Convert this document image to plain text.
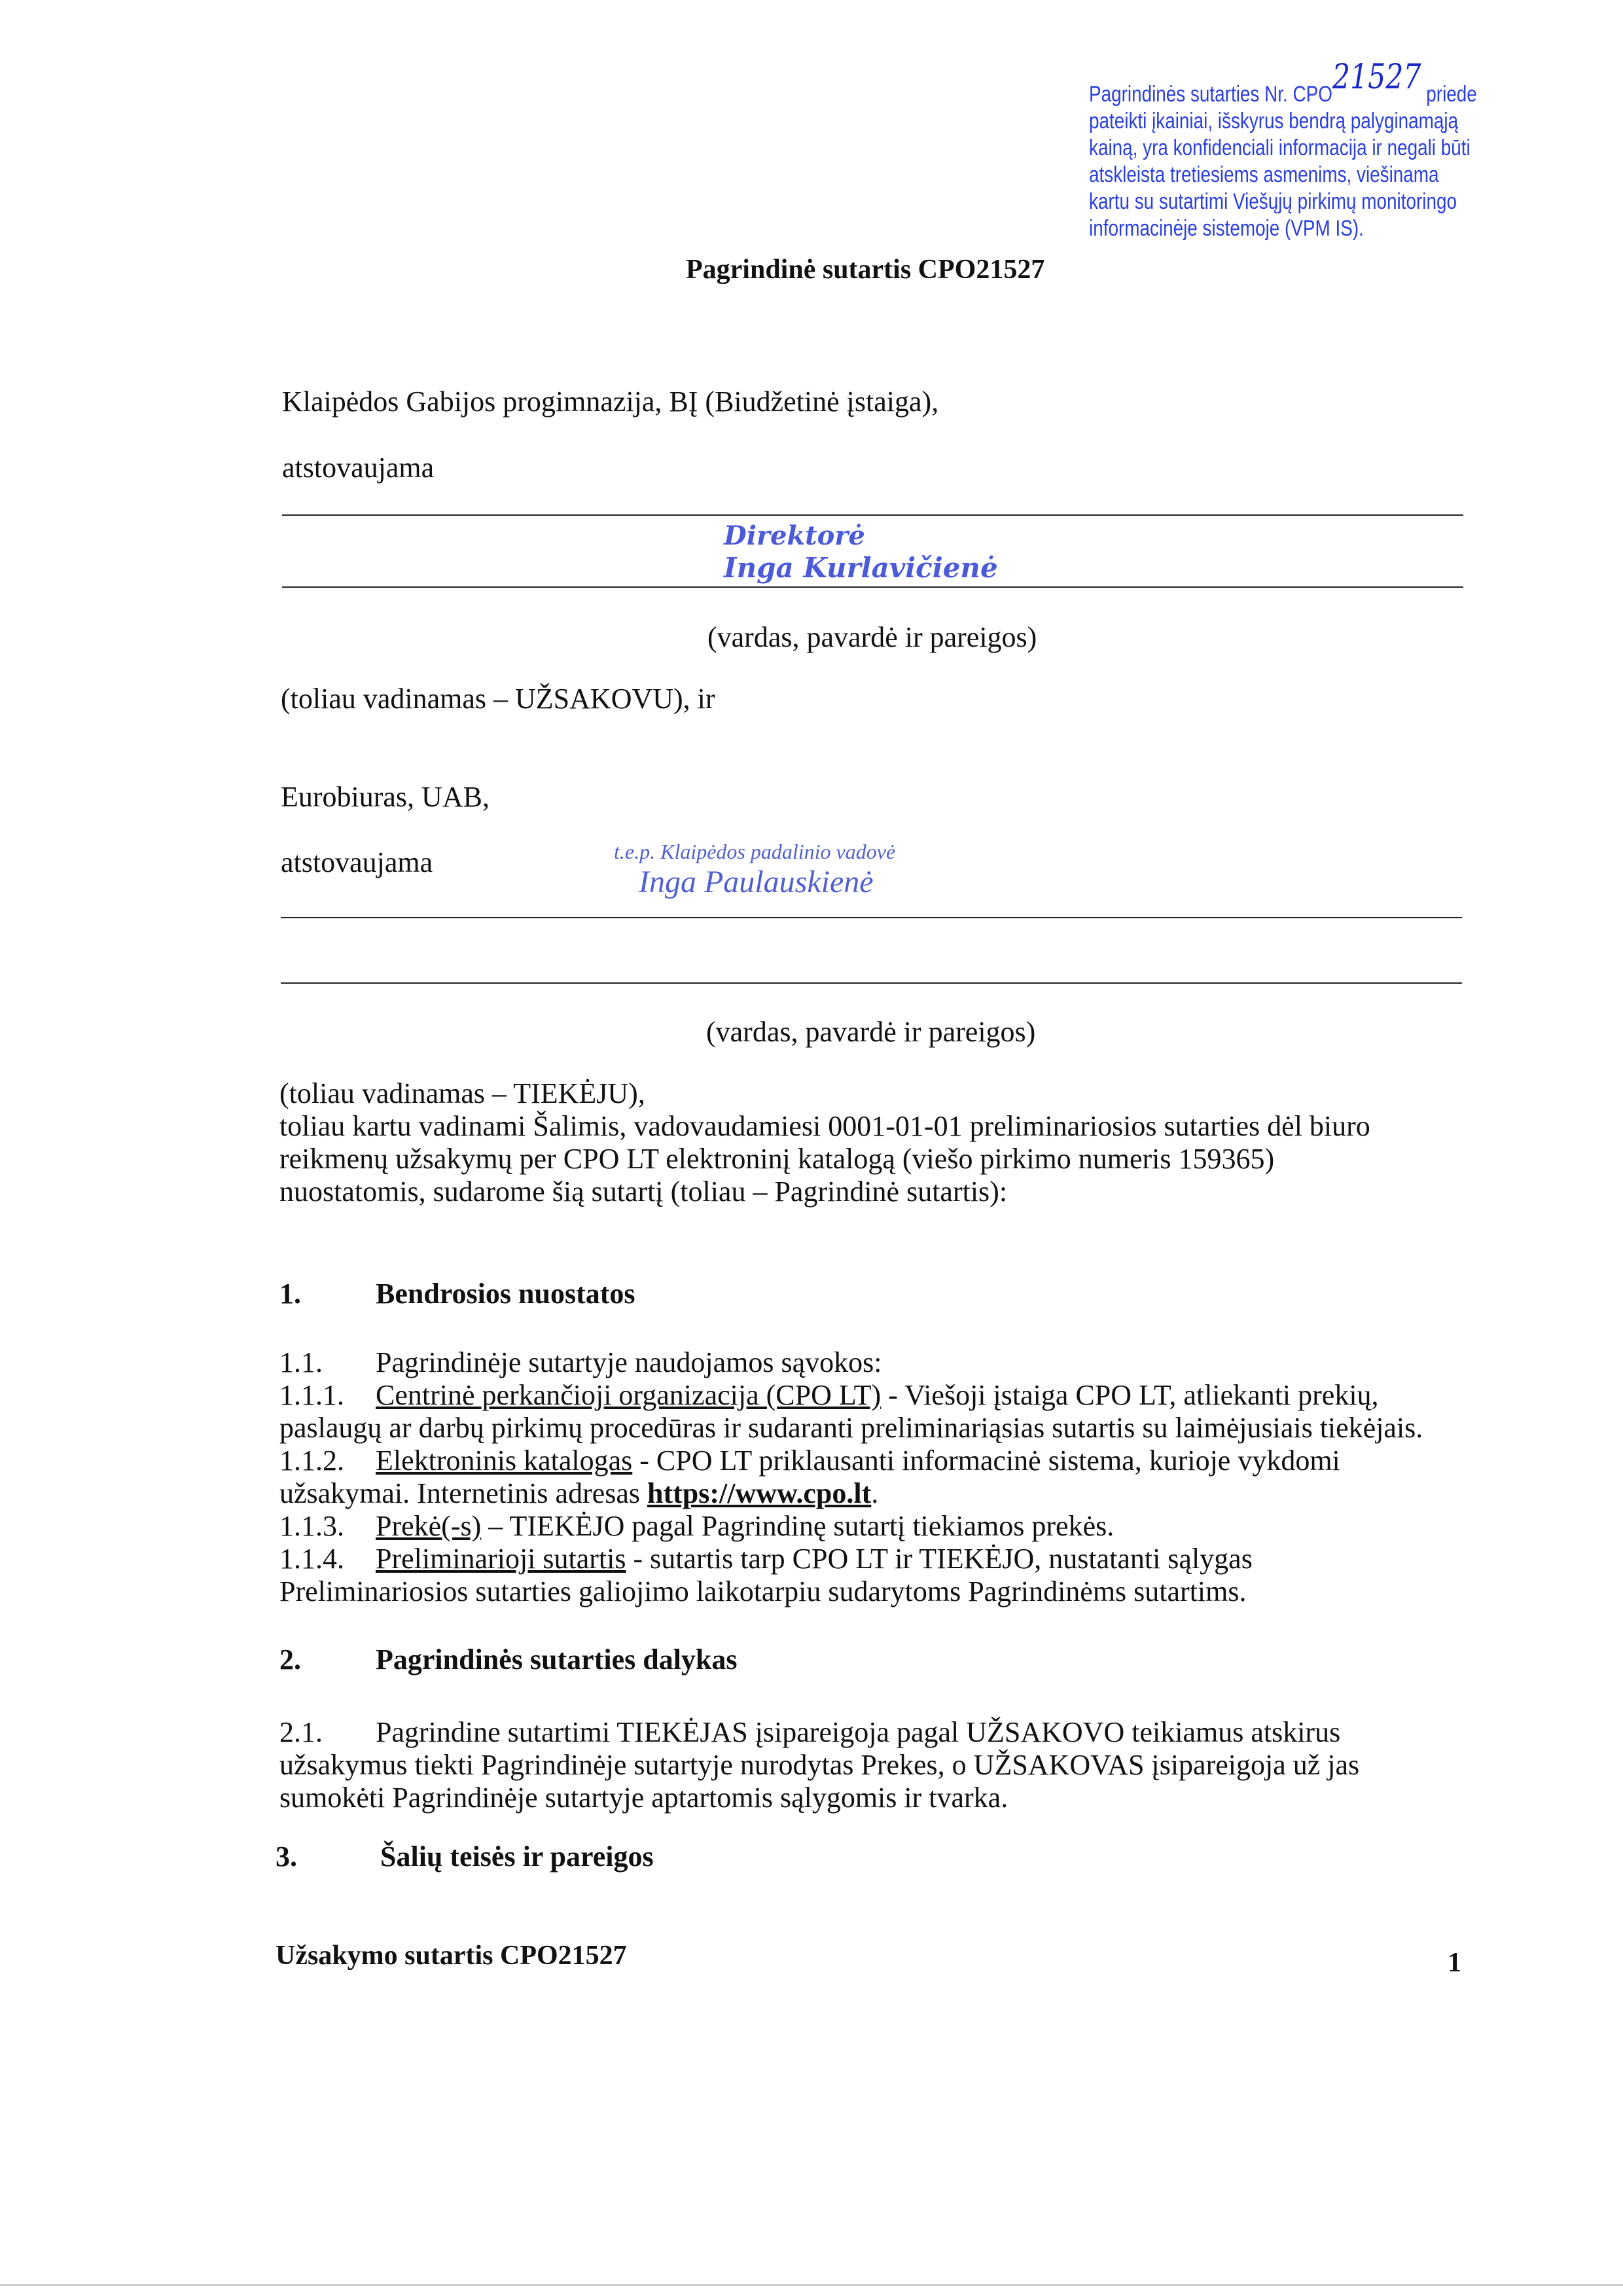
Pagrindinės sutarties Nr. CPO21527 priede
pateikti įkainiai, išskyrus bendrą palyginamąją
kainą, yra konfidenciali informacija ir negali būti
atskleista tretiesiems asmenims, viešinama
kartu su sutartimi Viešųjų pirkimų monitoringo
informacinėje sistemoje (VPM IS).
Pagrindinė sutartis CPO21527
Klaipėdos Gabijos progimnazija, BĮ (Biudžetinė įstaiga),
atstovaujama
Direktorė
Inga Kurlavičienė
(vardas, pavardė ir pareigos)
(toliau vadinamas – UŽSAKOVU), ir
Eurobiuras, UAB,
atstovaujama	t.e.p. Klaipėdos padalinio vadovė
Inga Paulauskienė
(vardas, pavardė ir pareigos)
(toliau vadinamas – TIEKĖJU),
toliau kartu vadinami Šalimis, vadovaudamiesi 0001-01-01 preliminariosios sutarties dėl biuro
reikmenų užsakymų per CPO LT elektroninį katalogą (viešo pirkimo numeris 159365)
nuostatomis, sudarome šią sutartį (toliau – Pagrindinė sutartis):
1.	Bendrosios nuostatos
1.1. Pagrindinėje sutartyje naudojamos sąvokos:
1.1.1. Centrinė perkančioji organizacija (CPO LT) - Viešoji įstaiga CPO LT, atliekanti prekių,
paslaugų ar darbų pirkimų procedūras ir sudaranti preliminariąsias sutartis su laimėjusiais tiekėjais.
1.1.2. Elektroninis katalogas - CPO LT priklausanti informacinė sistema, kurioje vykdomi
užsakymai. Internetinis adresas https://www.cpo.lt.
1.1.3. Prekė(-s) – TIEKĖJO pagal Pagrindinę sutartį tiekiamos prekės.
1.1.4. Preliminarioji sutartis - sutartis tarp CPO LT ir TIEKĖJO, nustatanti sąlygas
Preliminariosios sutarties galiojimo laikotarpiu sudarytoms Pagrindinėms sutartims.
2.	Pagrindinės sutarties dalykas
2.1. Pagrindine sutartimi TIEKĖJAS įsipareigoja pagal UŽSAKOVO teikiamus atskirus
užsakymus tiekti Pagrindinėje sutartyje nurodytas Prekes, o UŽSAKOVAS įsipareigoja už jas
sumokėti Pagrindinėje sutartyje aptartomis sąlygomis ir tvarka.
3.	Šalių teisės ir pareigos
Užsakymo sutartis CPO21527	1
